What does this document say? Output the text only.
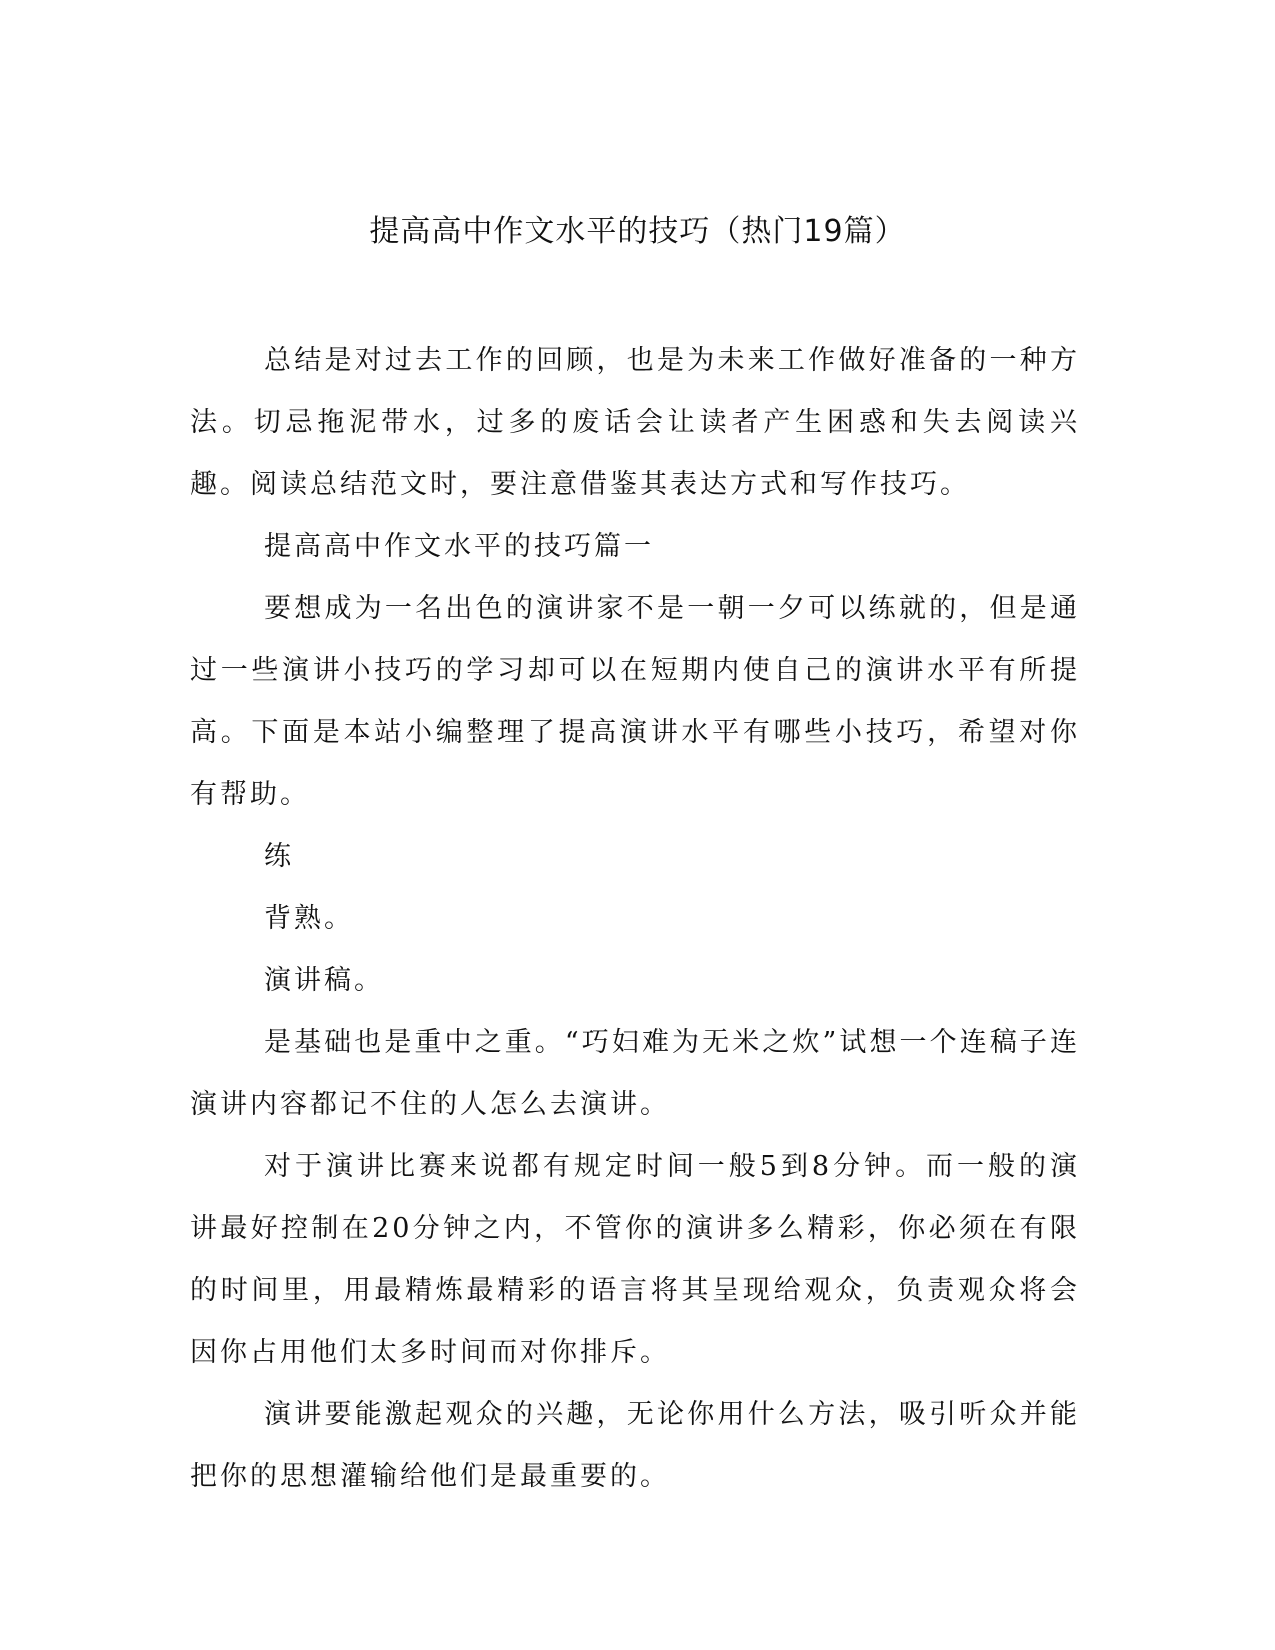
提高高中作文水平的技巧（热门19篇）

总结是对过去工作的回顾，也是为未来工作做好准备的一种方法。切忌拖泥带水，过多的废话会让读者产生困惑和失去阅读兴趣。阅读总结范文时，要注意借鉴其表达方式和写作技巧。

提高高中作文水平的技巧篇一

要想成为一名出色的演讲家不是一朝一夕可以练就的，但是通过一些演讲小技巧的学习却可以在短期内使自己的演讲水平有所提高。下面是本站小编整理了提高演讲水平有哪些小技巧，希望对你有帮助。

练

背熟。

演讲稿。

是基础也是重中之重。“巧妇难为无米之炊”试想一个连稿子连演讲内容都记不住的人怎么去演讲。

对于演讲比赛来说都有规定时间一般5到8分钟。而一般的演讲最好控制在20分钟之内，不管你的演讲多么精彩，你必须在有限的时间里，用最精炼最精彩的语言将其呈现给观众，负责观众将会因你占用他们太多时间而对你排斥。

演讲要能激起观众的兴趣，无论你用什么方法，吸引听众并能把你的思想灌输给他们是最重要的。
